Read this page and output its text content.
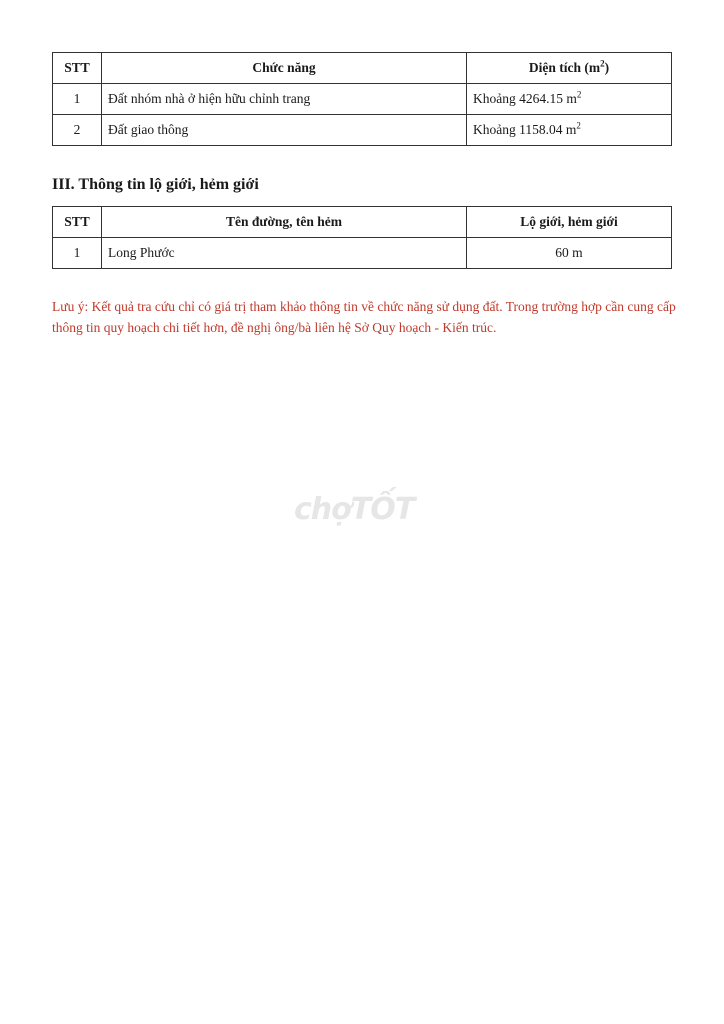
STT	Chức năng	Diện tích $(m^2)$
1	Đất nhóm nhà ở hiện hữu chỉnh trang	Khoảng 4264.15 $m^2$
2	Đất giao thông	Khoảng 1158.04 $m^2$
III. Thông tin lộ giới, hẻm giới
STT	Tên đường, tên hẻm	Lộ giới, hẻm giới
1	Long Phước	60 m

Lưu ý: Kết quả tra cứu chỉ có giá trị tham khảo thông tin về chức năng sử dụng đất. Trong trường hợp cần cung cấp thông tin quy hoạch chi tiết hơn, đề nghị ông/bà liên hệ Sở Quy hoạch - Kiến trúc.

chợTỐT
